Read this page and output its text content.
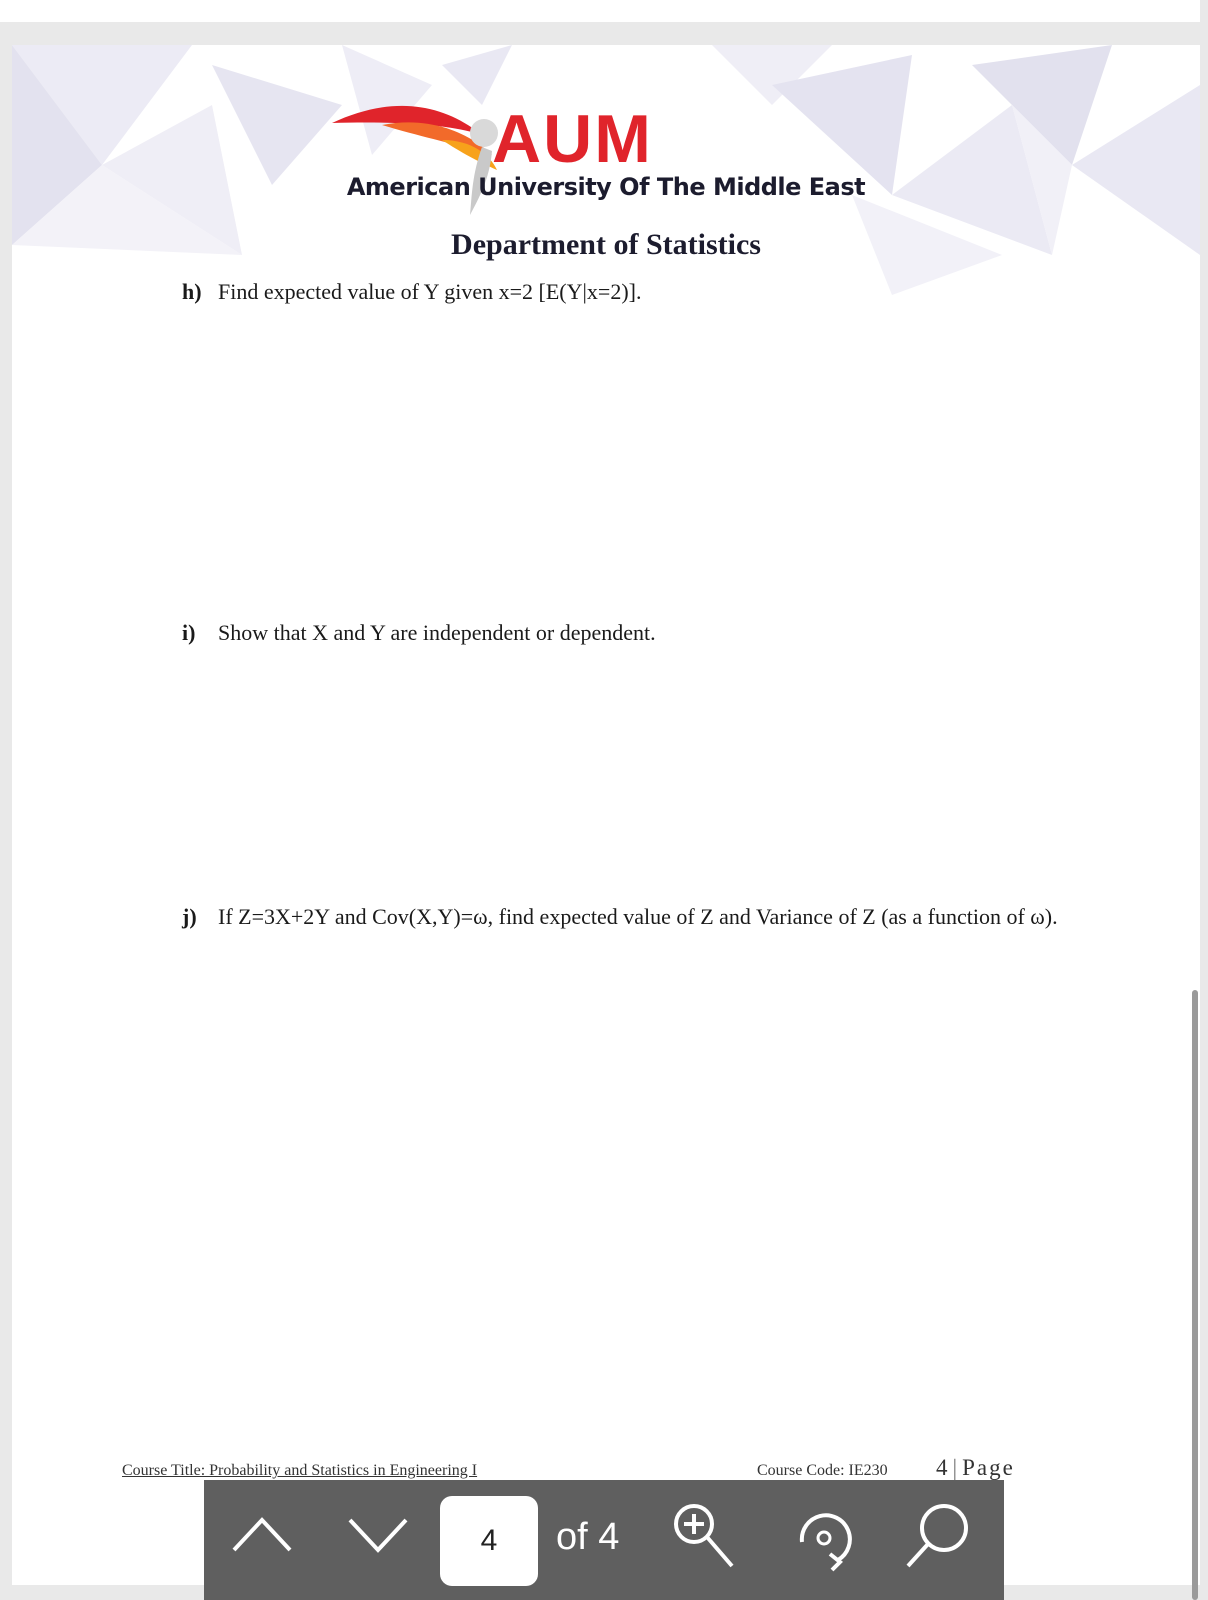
AUM
American University Of The Middle East
Department of Statistics
h) Find expected value of Y given x=2 [E(Y|x=2)].
i) Show that X and Y are independent or dependent.
j) If Z=3X+2Y and Cov(X,Y)=ω, find expected value of Z and Variance of Z (as a function of ω).
Course Title: Probability and Statistics in Engineering I	Course Code: IE230 4 | Page
4	of 4
